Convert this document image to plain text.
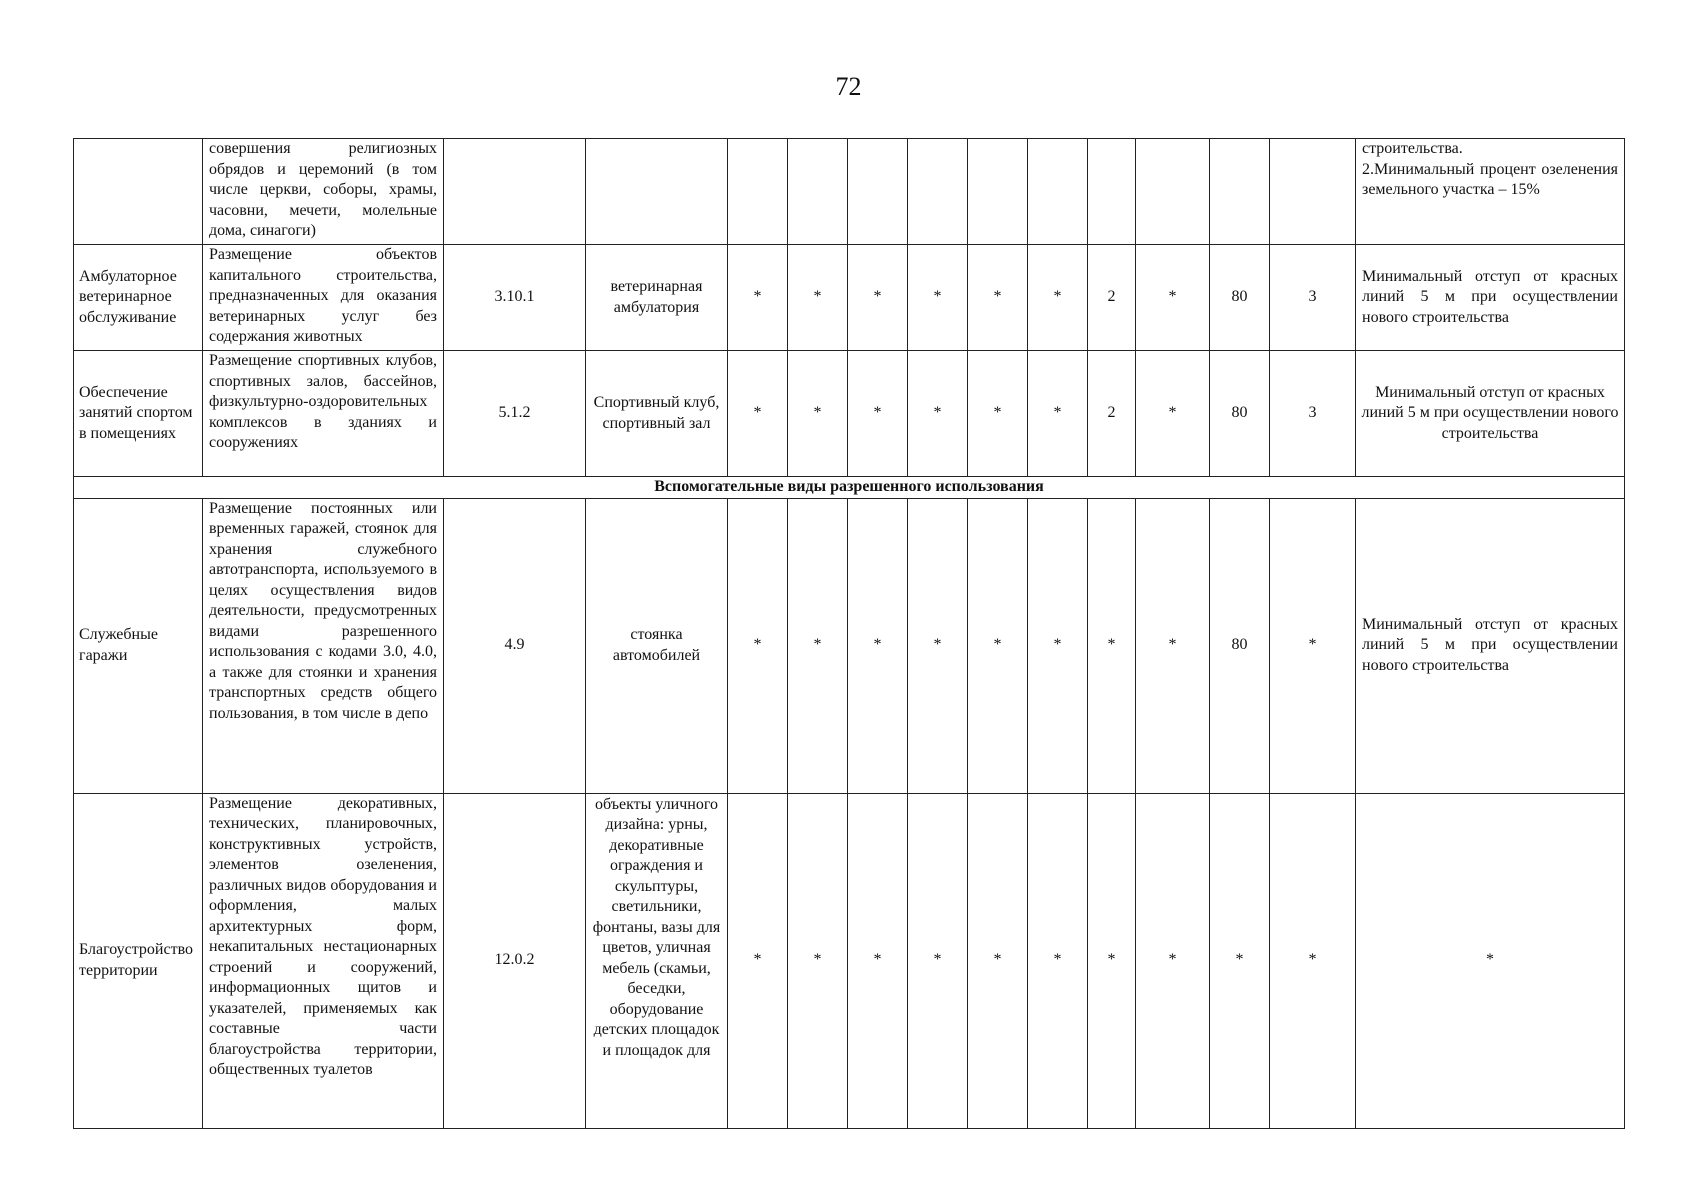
72
	совершения религиозных обрядов и церемоний (в том числе церкви, соборы, храмы, часовни, мечети, молельные дома, синагоги)													строительства.
2.Минимальный процент озеленения земельного участка – 15%
Амбулаторное ветеринарное обслуживание	Размещение объектов капитального строительства, предназначенных для оказания ветеринарных услуг без содержания животных	3.10.1	ветеринарная амбулатория	*	*	*	*	*	*	2	*	80	3	Минимальный отступ от красных линий 5 м при осуществлении нового строительства
Обеспечение занятий спортом в помещениях	Размещение спортивных клубов, спортивных залов, бассейнов, физкультурно-оздоровительных комплексов в зданиях и сооружениях	5.1.2	Спортивный клуб, спортивный зал	*	*	*	*	*	*	2	*	80	3	Минимальный отступ от красных линий 5 м при осуществлении нового строительства
Вспомогательные виды разрешенного использования														
Служебные гаражи	Размещение постоянных или временных гаражей, стоянок для хранения служебного автотранспорта, используемого в целях осуществления видов деятельности, предусмотренных видами разрешенного использования с кодами 3.0, 4.0, а также для стоянки и хранения транспортных средств общего пользования, в том числе в депо	4.9	стоянка автомобилей	*	*	*	*	*	*	*	*	80	*	Минимальный отступ от красных линий 5 м при осуществлении нового строительства
Благоустройство территории	Размещение декоративных, технических, планировочных, конструктивных устройств, элементов озеленения, различных видов оборудования и оформления, малых архитектурных форм, некапитальных нестационарных строений и сооружений, информационных щитов и указателей, применяемых как составные части благоустройства территории, общественных туалетов	12.0.2	объекты уличного дизайна: урны, декоративные ограждения и скульптуры, светильники, фонтаны, вазы для цветов, уличная мебель (скамьи, беседки, оборудование детских площадок и площадок для	*	*	*	*	*	*	*	*	*	*	*
